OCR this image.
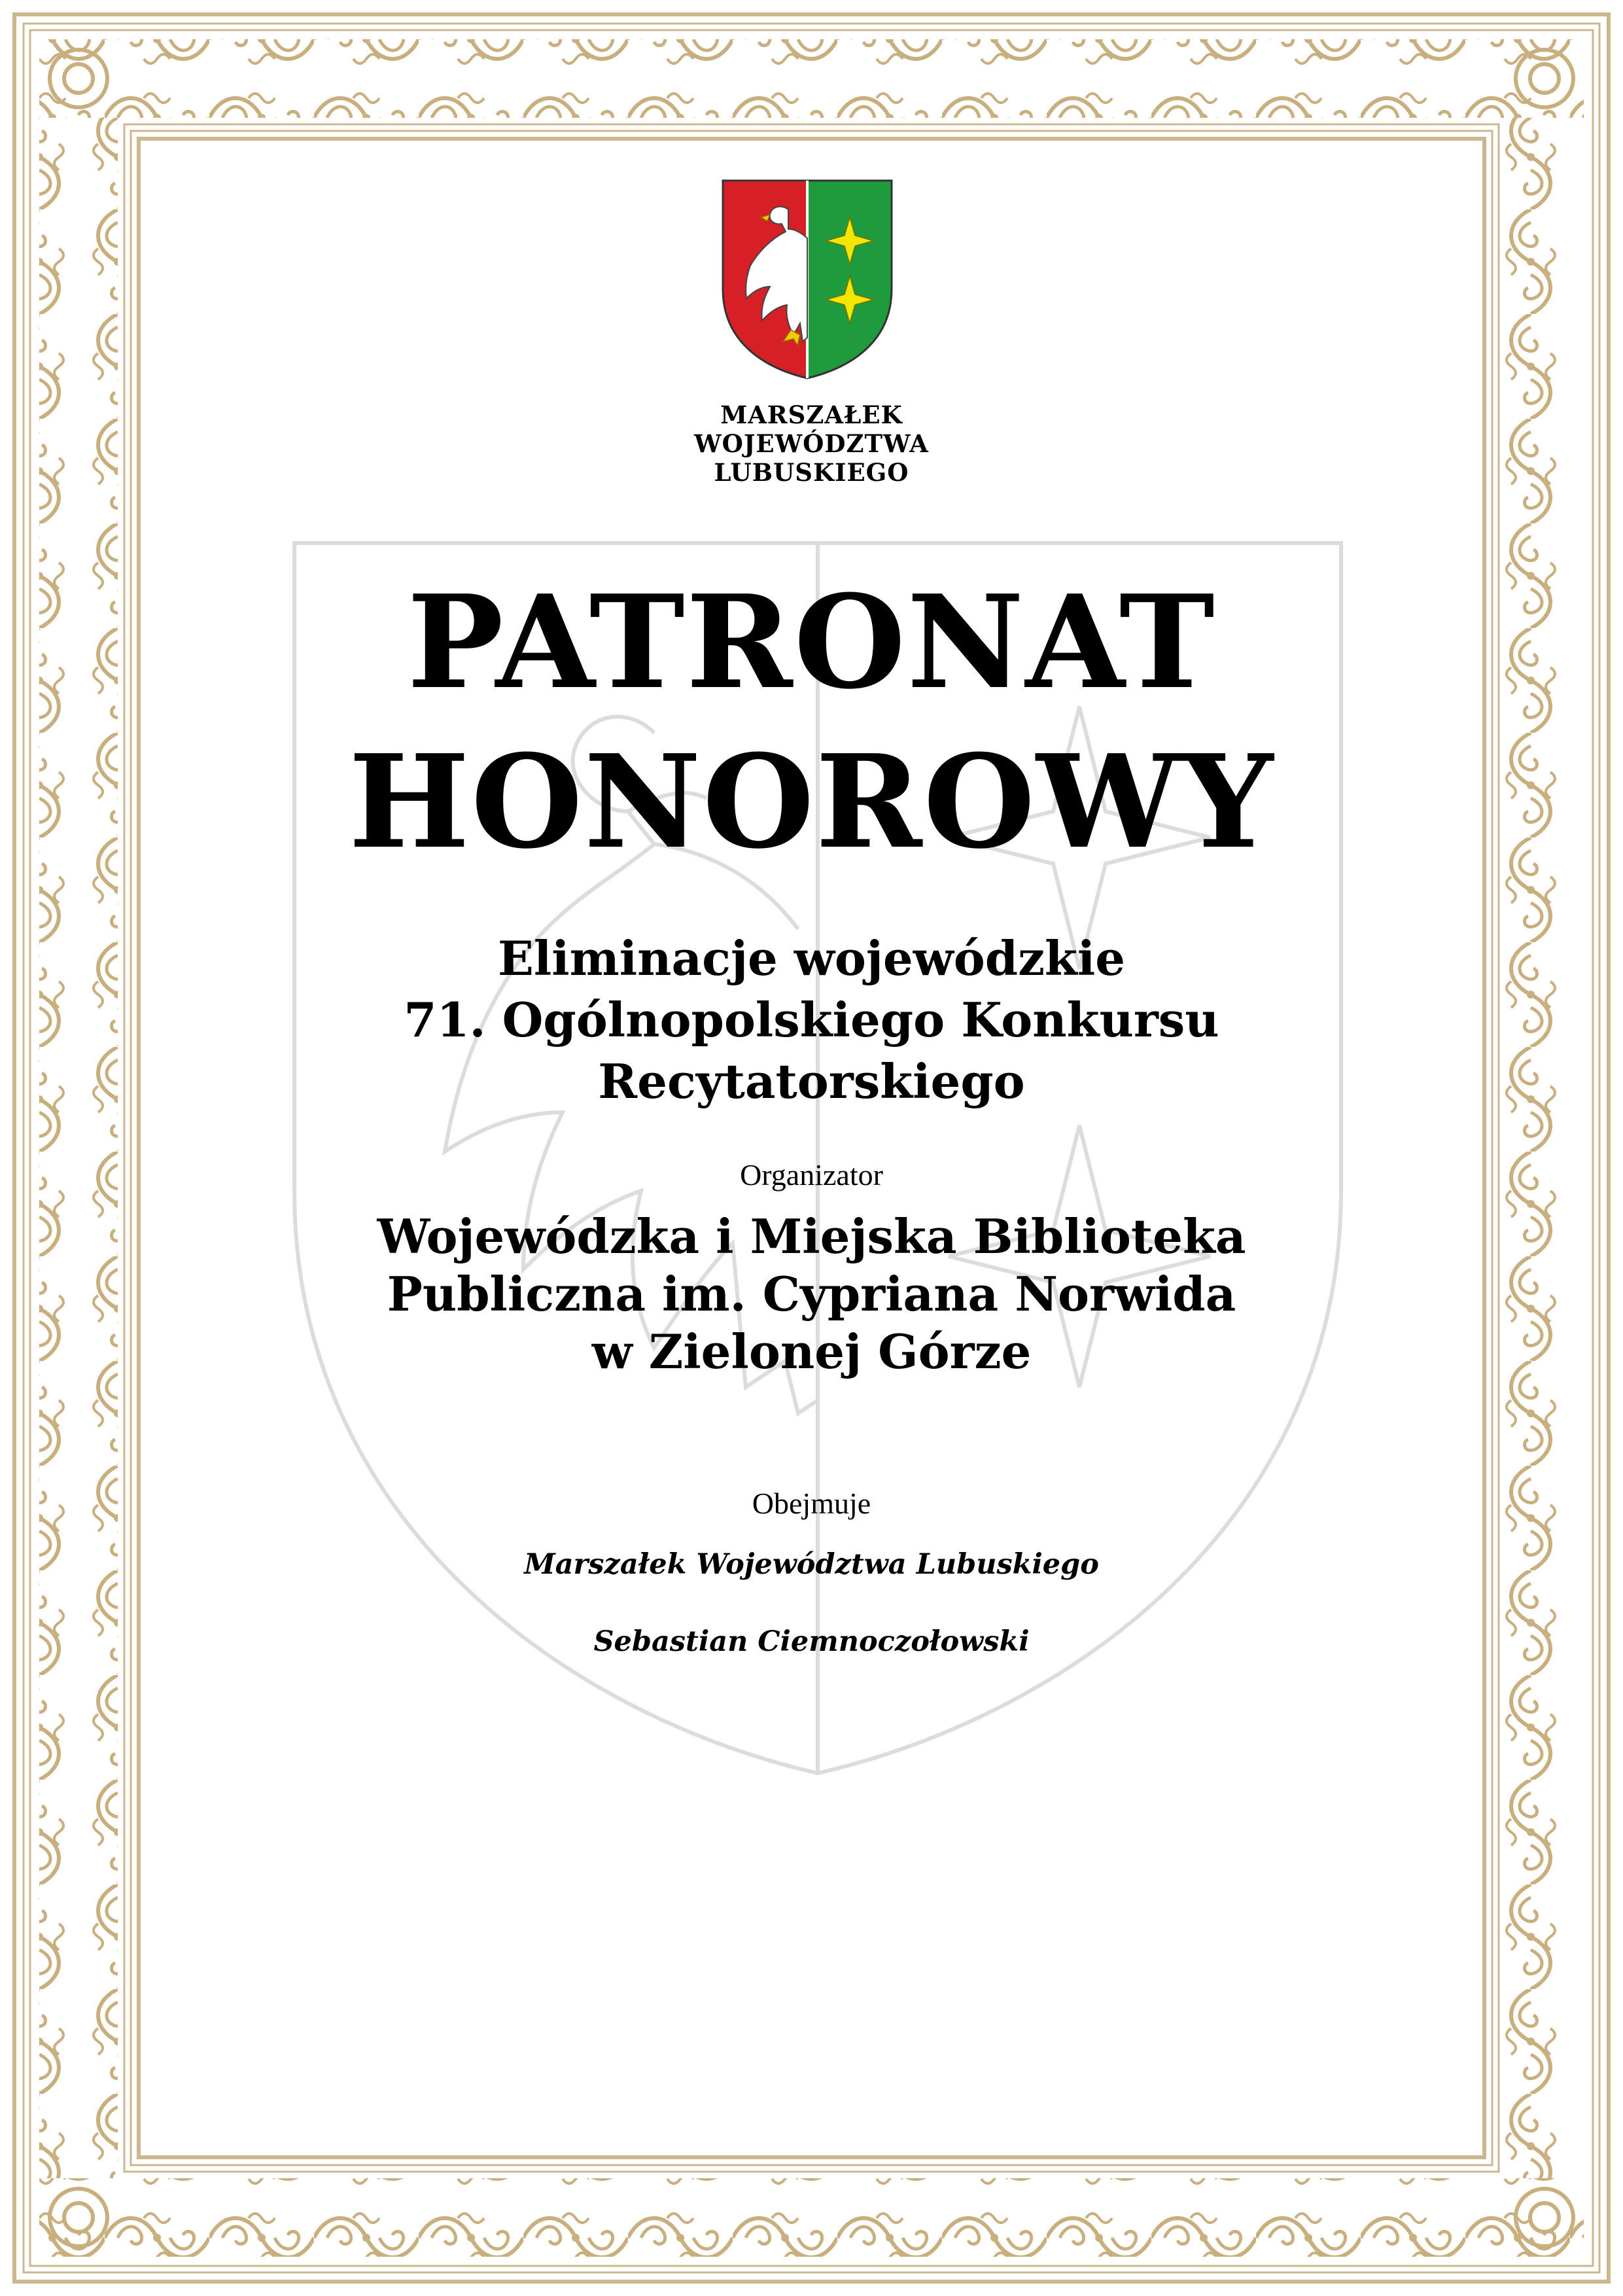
MARSZAŁEK
WOJEWÓDZTWA
LUBUSKIEGO
PATRONAT
HONOROWY
Eliminacje wojewódzkie
71. Ogólnopolskiego Konkursu
Recytatorskiego
Organizator
Wojewódzka i Miejska Biblioteka
Publiczna im. Cypriana Norwida
w Zielonej Górze
Obejmuje
Marszałek Województwa Lubuskiego
Sebastian Ciemnoczołowski
